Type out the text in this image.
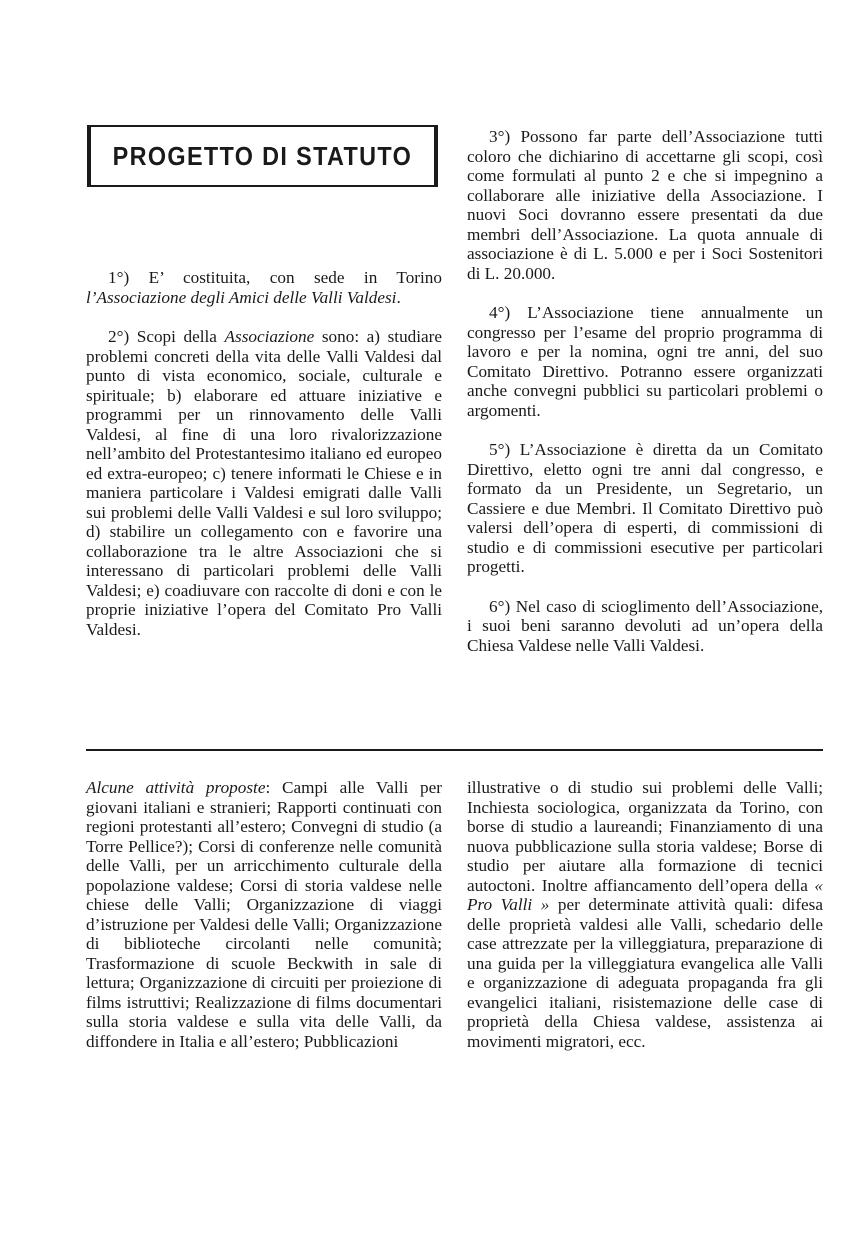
PROGETTO DI STATUTO

1°) E’ costituita, con sede in Torino l’Associazione degli Amici delle Valli Valdesi.

2°) Scopi della Associazione sono: a) studiare problemi concreti della vita delle Valli Valdesi dal punto di vista economico, sociale, culturale e spirituale; b) elaborare ed attuare iniziative e programmi per un rinnovamento delle Valli Valdesi, al fine di una loro rivalorizzazione nell’ambito del Protestantesimo italiano ed europeo ed extra-europeo; c) tenere informati le Chiese e in maniera particolare i Valdesi emigrati dalle Valli sui problemi delle Valli Valdesi e sul loro sviluppo; d) stabilire un collegamento con e favorire una collaborazione tra le altre Associazioni che si interessano di particolari problemi delle Valli Valdesi; e) coadiuvare con raccolte di doni e con le proprie iniziative l’opera del Comitato Pro Valli Valdesi.

3°) Possono far parte dell’Associazione tutti coloro che dichiarino di accettarne gli scopi, così come formulati al punto 2 e che si impegnino a collaborare alle iniziative della Associazione. I nuovi Soci dovranno essere presentati da due membri dell’Associazione. La quota annuale di associazione è di L. 5.000 e per i Soci Sostenitori di L. 20.000.

4°) L’Associazione tiene annualmente un congresso per l’esame del proprio programma di lavoro e per la nomina, ogni tre anni, del suo Comitato Direttivo. Potranno essere organizzati anche convegni pubblici su particolari problemi o argomenti.

5°) L’Associazione è diretta da un Comitato Direttivo, eletto ogni tre anni dal congresso, e formato da un Presidente, un Segretario, un Cassiere e due Membri. Il Comitato Direttivo può valersi dell’opera di esperti, di commissioni di studio e di commissioni esecutive per particolari progetti.

6°) Nel caso di scioglimento dell’Associazione, i suoi beni saranno devoluti ad un’opera della Chiesa Valdese nelle Valli Valdesi.

Alcune attività proposte: Campi alle Valli per giovani italiani e stranieri; Rapporti continuati con regioni protestanti all’estero; Convegni di studio (a Torre Pellice?); Corsi di conferenze nelle comunità delle Valli, per un arricchimento culturale della popolazione valdese; Corsi di storia valdese nelle chiese delle Valli; Organizzazione di viaggi d’istruzione per Valdesi delle Valli; Organizzazione di biblioteche circolanti nelle comunità; Trasformazione di scuole Beckwith in sale di lettura; Organizzazione di circuiti per proiezione di films istruttivi; Realizzazione di films documentari sulla storia valdese e sulla vita delle Valli, da diffondere in Italia e all’estero; Pubblicazioni

illustrative o di studio sui problemi delle Valli; Inchiesta sociologica, organizzata da Torino, con borse di studio a laureandi; Finanziamento di una nuova pubblicazione sulla storia valdese; Borse di studio per aiutare alla formazione di tecnici autoctoni. Inoltre affiancamento dell’opera della « Pro Valli » per determinate attività quali: difesa delle proprietà valdesi alle Valli, schedario delle case attrezzate per la villeggiatura, preparazione di una guida per la villeggiatura evangelica alle Valli e organizzazione di adeguata propaganda fra gli evangelici italiani, risistemazione delle case di proprietà della Chiesa valdese, assistenza ai movimenti migratori, ecc.
